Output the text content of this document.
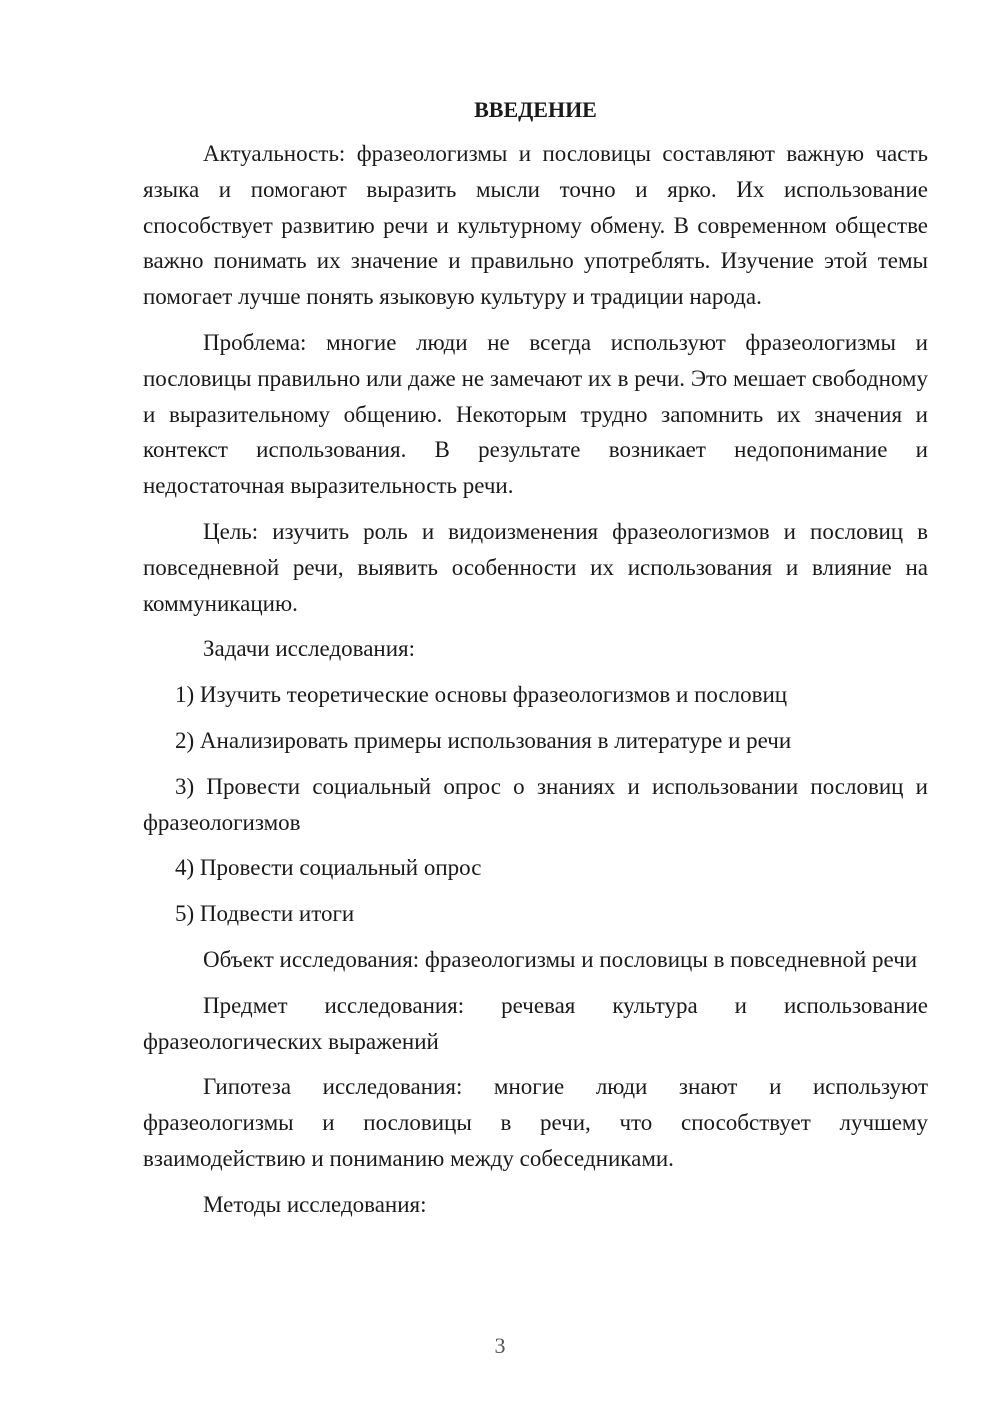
ВВЕДЕНИЕ

Актуальность: фразеологизмы и пословицы составляют важную часть языка и помогают выразить мысли точно и ярко. Их использование способствует развитию речи и культурному обмену. В современном обществе важно понимать их значение и правильно употреблять. Изучение этой темы помогает лучше понять языковую культуру и традиции народа.

Проблема: многие люди не всегда используют фразеологизмы и пословицы правильно или даже не замечают их в речи. Это мешает свободному и выразительному общению. Некоторым трудно запомнить их значения и контекст использования. В результате возникает недопонимание и недостаточная выразительность речи.

Цель: изучить роль и видоизменения фразеологизмов и пословиц в повседневной речи, выявить особенности их использования и влияние на коммуникацию.

Задачи исследования:

1) Изучить теоретические основы фразеологизмов и пословиц

2) Анализировать примеры использования в литературе и речи

3) Провести социальный опрос о знаниях и использовании пословиц и фразеологизмов

4) Провести социальный опрос

5) Подвести итоги

Объект исследования: фразеологизмы и пословицы в повседневной речи

Предмет исследования: речевая культура и использование фразеологических выражений

Гипотеза исследования: многие люди знают и используют фразеологизмы и пословицы в речи, что способствует лучшему взаимодействию и пониманию между собеседниками.

Методы исследования:

3
